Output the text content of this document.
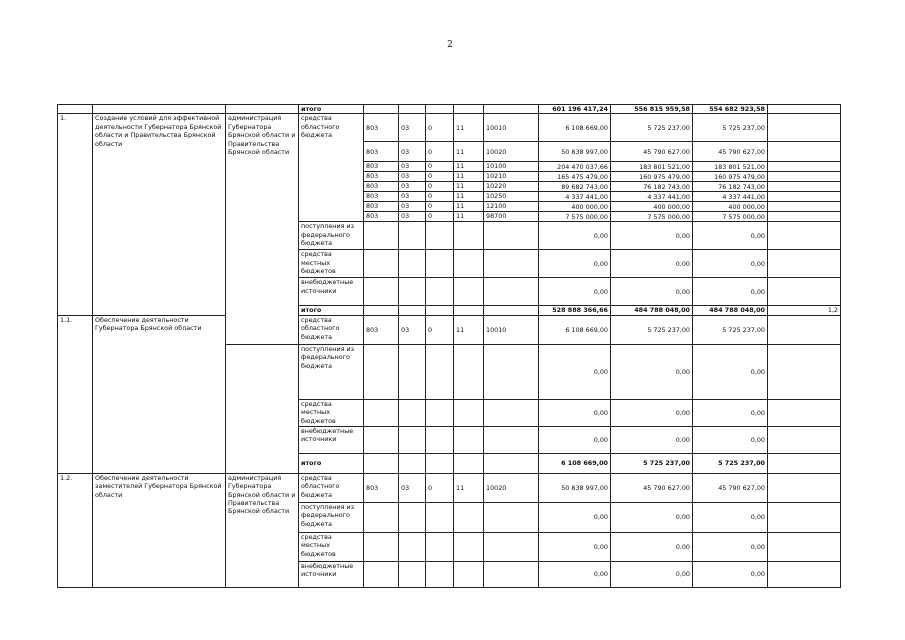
2
			итого						601 196 417,24	556 815 959,58	554 682 923,58	
1.	Создание условий для эффективной деятельности Губернатора Брянской области и Правительства Брянской области	администрация Губернатора Брянской области и Правительства Брянской области	средства областного бюджета	803	03	0	11	10010	6 108 669,00	5 725 237,00	5 725 237,00	
				803	03	0	11	10020	50 838 997,00	45 790 627,00	45 790 627,00	
				803	03	0	11	10100	204 470 037,66	183 801 521,00	183 801 521,00	
				803	03	0	11	10210	165 475 479,00	160 975 479,00	160 975 479,00	
				803	03	0	11	10220	89 682 743,00	76 182 743,00	76 182 743,00	
				803	03	0	11	10250	4 337 441,00	4 337 441,00	4 337 441,00	
				803	03	0	11	12100	400 000,00	400 000,00	400 000,00	
				803	03	0	11	98700	7 575 000,00	7 575 000,00	7 575 000,00	
			поступления из федерального бюджета						0,00	0,00	0,00	
			средства местных бюджетов						0,00	0,00	0,00	
			внебюджетные источники						0,00	0,00	0,00	
			итого						528 888 366,66	484 788 048,00	484 788 048,00	1,2
1.1.	Обеспечение деятельности Губернатора Брянской области		средства областного бюджета	803	03	0	11	10010	6 108 669,00	5 725 237,00	5 725 237,00	
			поступления из федерального бюджета						0,00	0,00	0,00	
			средства местных бюджетов						0,00	0,00	0,00	
			внебюджетные источники						0,00	0,00	0,00	
			итого						6 108 669,00	5 725 237,00	5 725 237,00	
1.2.	Обеспечение деятельности заместителей Губернатора Брянской области	администрация Губернатора Брянской области и Правительства Брянской области	средства областного бюджета	803	03	0	11	10020	50 838 997,00	45 790 627,00	45 790 627,00	
			поступления из федерального бюджета						0,00	0,00	0,00	
			средства местных бюджетов						0,00	0,00	0,00	
			внебюджетные источники						0,00	0,00	0,00	
